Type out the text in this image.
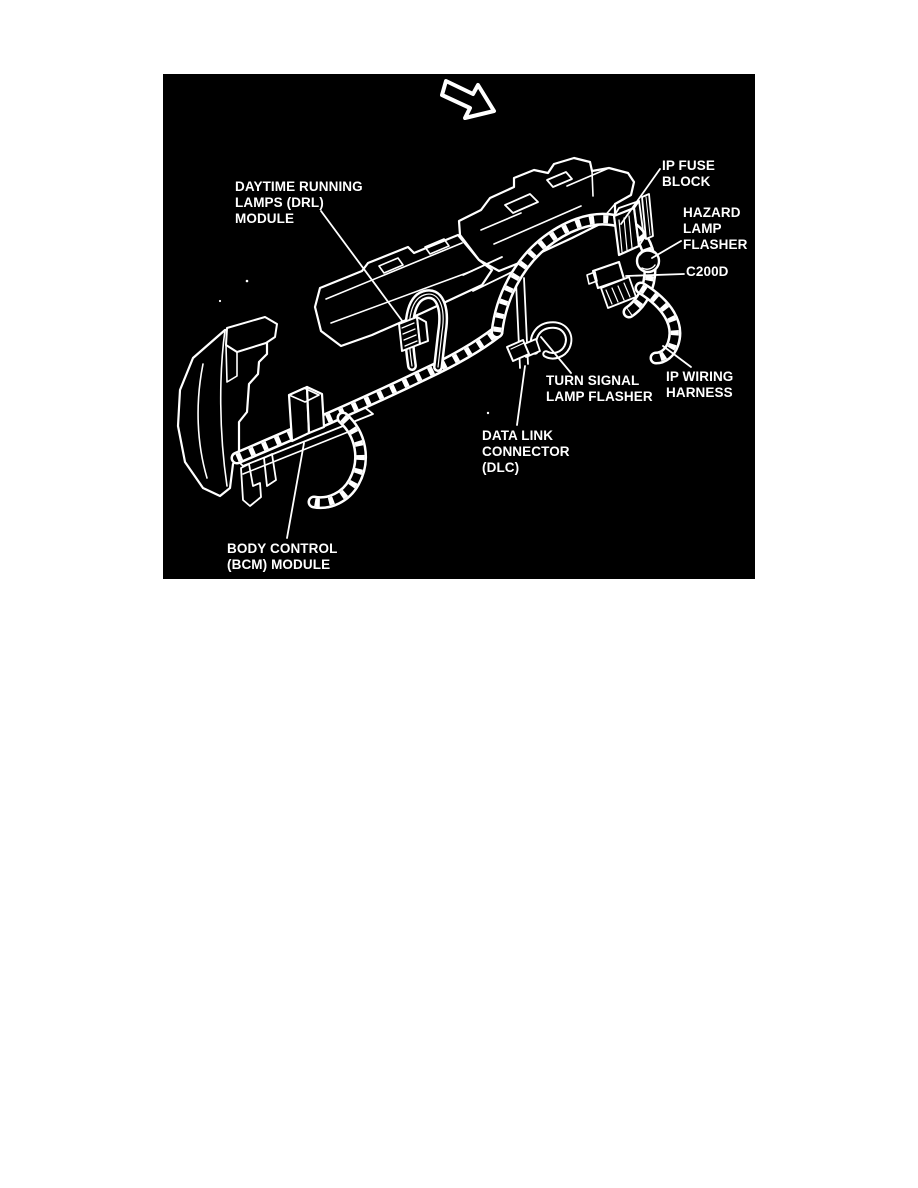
DAYTIME RUNNING
LAMPS (DRL)
MODULE
IP FUSE
BLOCK
HAZARD
LAMP
FLASHER
C200D
IP WIRING
HARNESS
TURN SIGNAL
LAMP FLASHER
DATA LINK
CONNECTOR
(DLC)
BODY CONTROL
(BCM) MODULE
